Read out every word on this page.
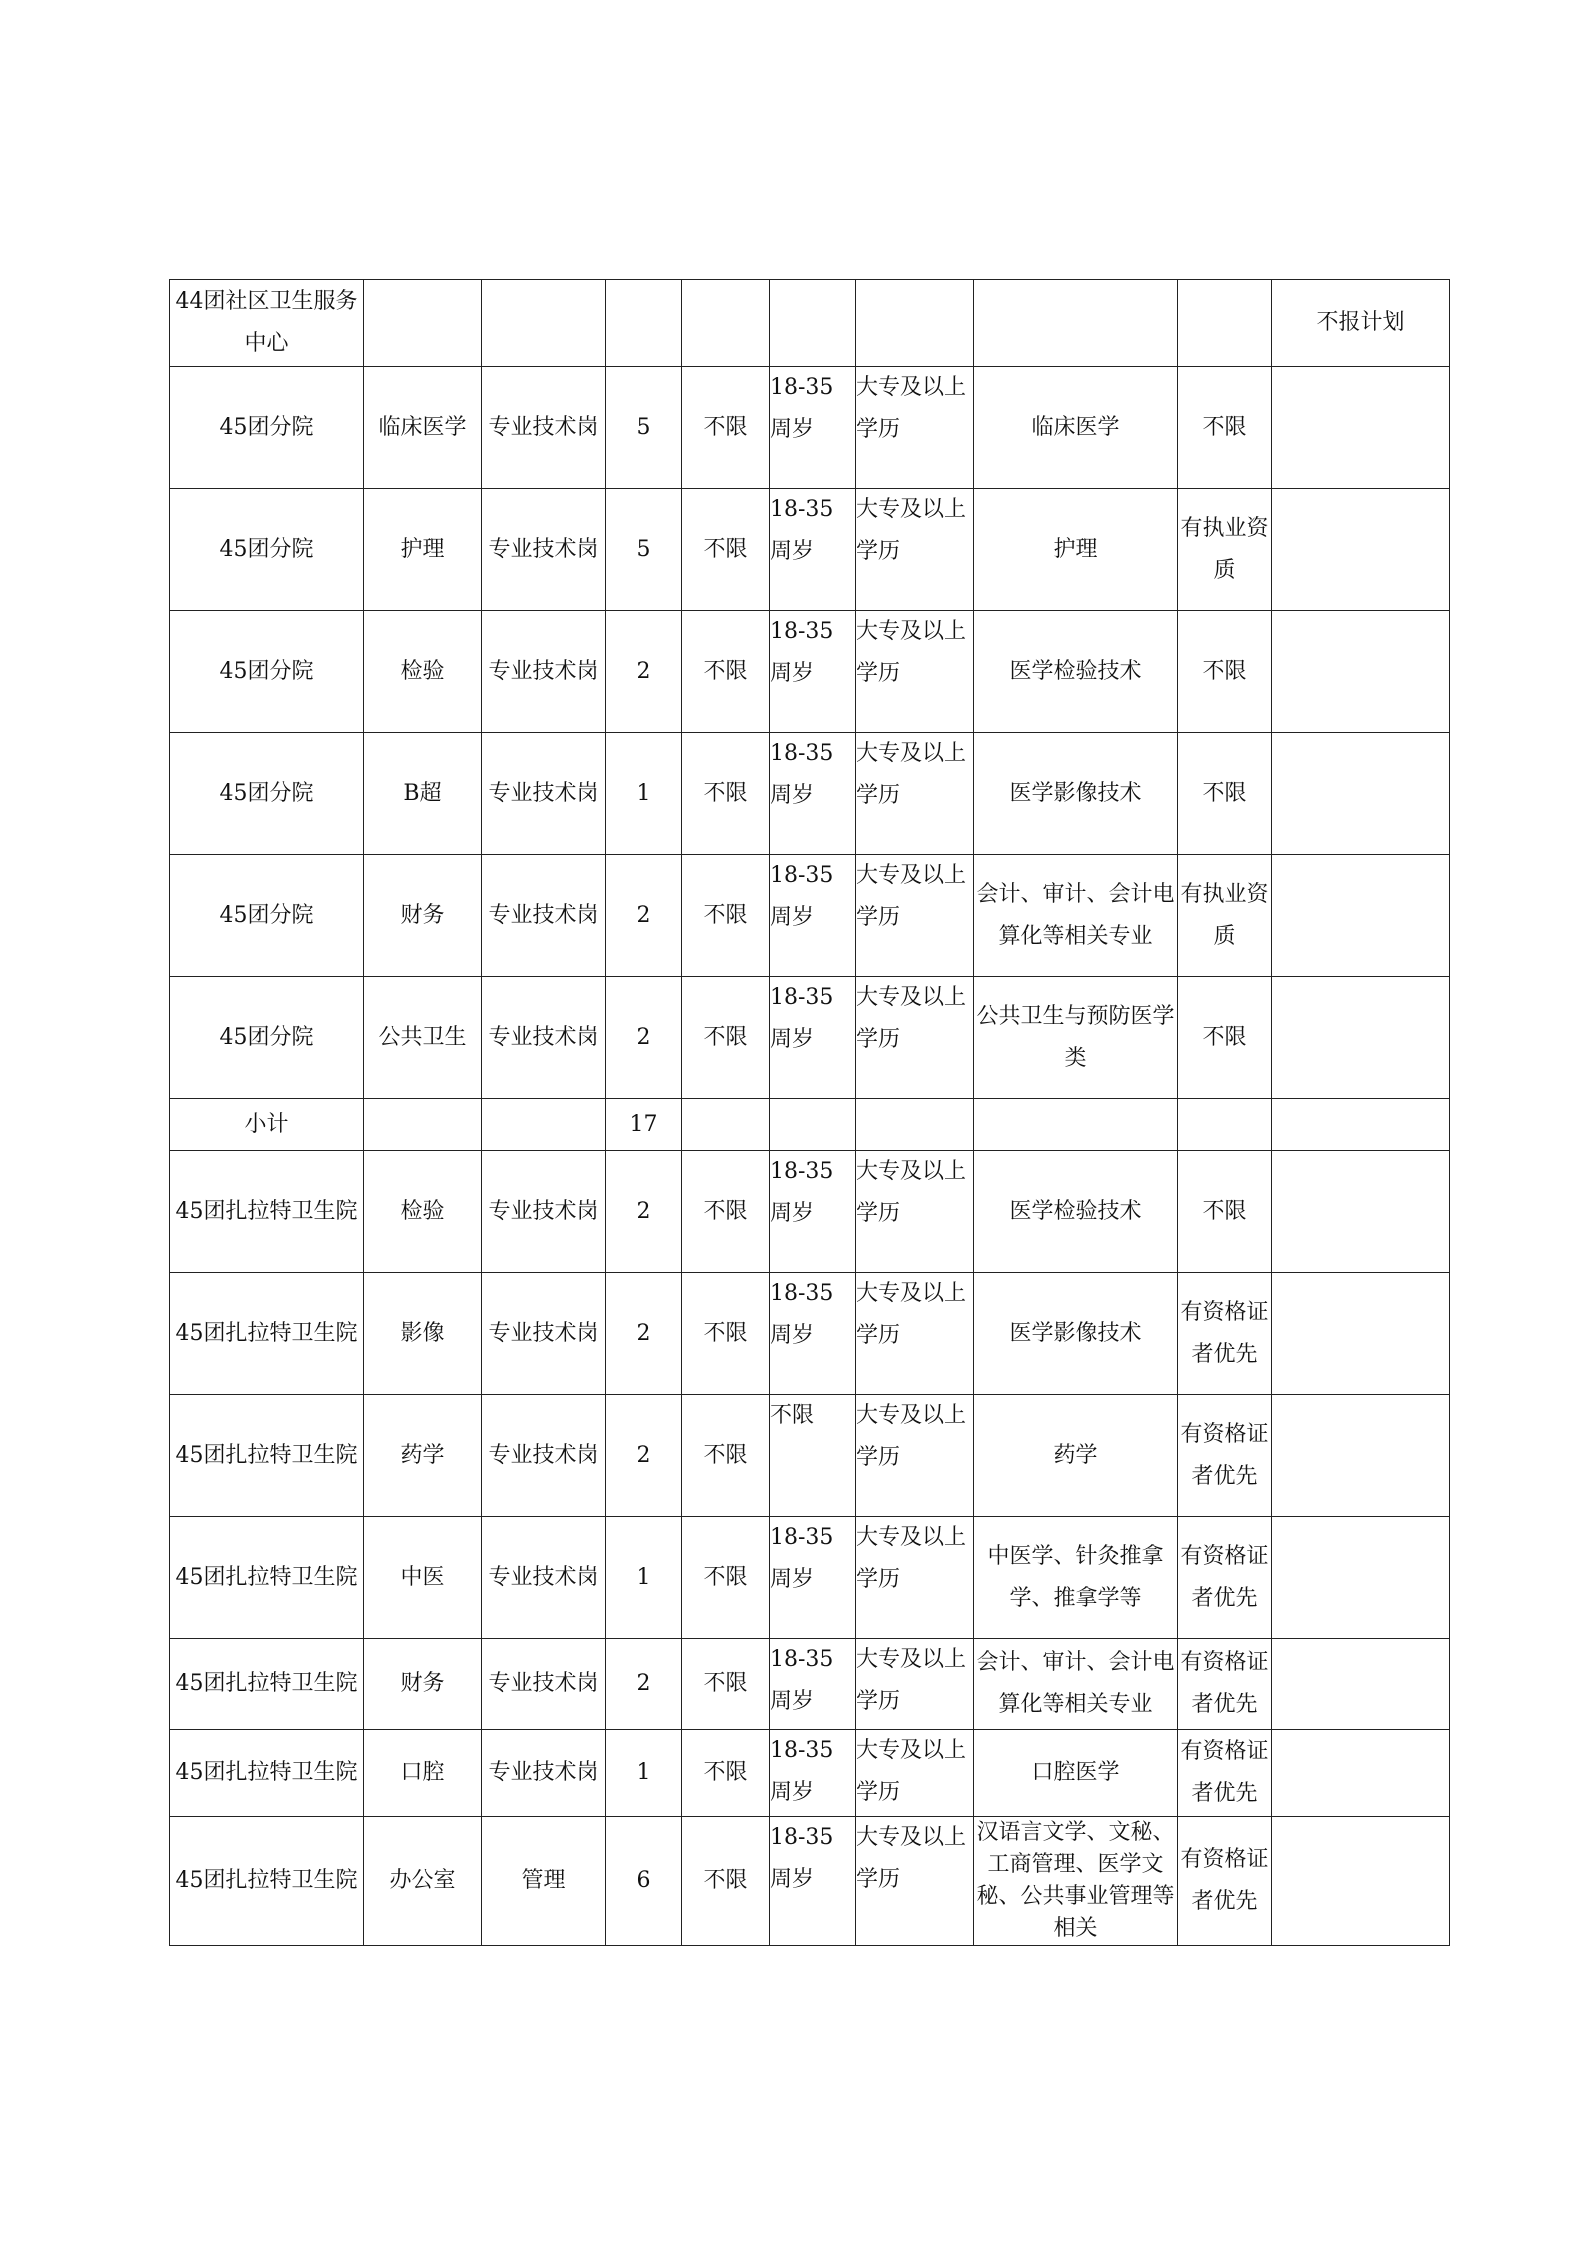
44团社区卫生服务中心									不报计划
45团分院	临床医学	专业技术岗	5	不限	18-35周岁	大专及以上学历	临床医学	不限	
45团分院	护理	专业技术岗	5	不限	18-35周岁	大专及以上学历	护理	有执业资质	
45团分院	检验	专业技术岗	2	不限	18-35周岁	大专及以上学历	医学检验技术	不限	
45团分院	B超	专业技术岗	1	不限	18-35周岁	大专及以上学历	医学影像技术	不限	
45团分院	财务	专业技术岗	2	不限	18-35周岁	大专及以上学历	会计、审计、会计电算化等相关专业	有执业资质	
45团分院	公共卫生	专业技术岗	2	不限	18-35周岁	大专及以上学历	公共卫生与预防医学类	不限	
小计			17						
45团扎拉特卫生院	检验	专业技术岗	2	不限	18-35周岁	大专及以上学历	医学检验技术	不限	
45团扎拉特卫生院	影像	专业技术岗	2	不限	18-35周岁	大专及以上学历	医学影像技术	有资格证者优先	
45团扎拉特卫生院	药学	专业技术岗	2	不限	不限	大专及以上学历	药学	有资格证者优先	
45团扎拉特卫生院	中医	专业技术岗	1	不限	18-35周岁	大专及以上学历	中医学、针灸推拿学、推拿学等	有资格证者优先	
45团扎拉特卫生院	财务	专业技术岗	2	不限	18-35周岁	大专及以上学历	会计、审计、会计电算化等相关专业	有资格证者优先	
45团扎拉特卫生院	口腔	专业技术岗	1	不限	18-35周岁	大专及以上学历	口腔医学	有资格证者优先	
45团扎拉特卫生院	办公室	管理	6	不限	18-35周岁	大专及以上学历	汉语言文学、文秘、工商管理、医学文秘、公共事业管理等相关	有资格证者优先	
